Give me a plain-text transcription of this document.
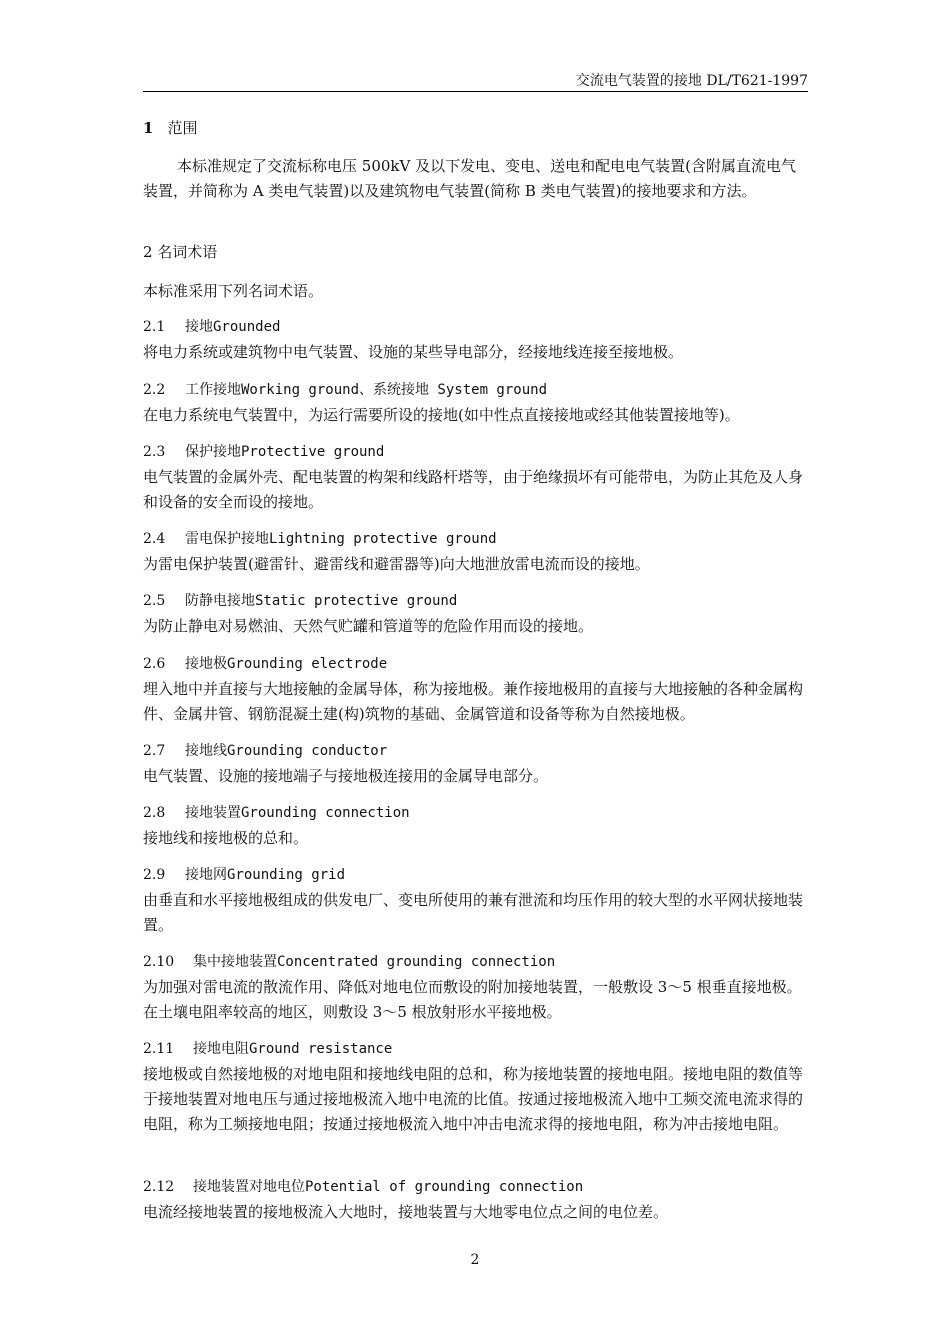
交流电气装置的接地 DL/T621-1997
1 范围
本标准规定了交流标称电压 500kV 及以下发电、变电、送电和配电电气装置(含附属直流电气装置，并简称为 A 类电气装置)以及建筑物电气装置(简称 B 类电气装置)的接地要求和方法。
2 名词术语
本标准采用下列名词术语。
2.1 接地Grounded
将电力系统或建筑物中电气装置、设施的某些导电部分，经接地线连接至接地极。
2.2 工作接地Working ground、系统接地 System ground
在电力系统电气装置中，为运行需要所设的接地(如中性点直接接地或经其他装置接地等)。
2.3 保护接地Protective ground
电气装置的金属外壳、配电装置的构架和线路杆塔等，由于绝缘损坏有可能带电，为防止其危及人身和设备的安全而设的接地。
2.4 雷电保护接地Lightning protective ground
为雷电保护装置(避雷针、避雷线和避雷器等)向大地泄放雷电流而设的接地。
2.5 防静电接地Static protective ground
为防止静电对易燃油、天然气贮罐和管道等的危险作用而设的接地。
2.6 接地极Grounding electrode
埋入地中并直接与大地接触的金属导体，称为接地极。兼作接地极用的直接与大地接触的各种金属构件、金属井管、钢筋混凝土建(构)筑物的基础、金属管道和设备等称为自然接地极。
2.7 接地线Grounding conductor
电气装置、设施的接地端子与接地极连接用的金属导电部分。
2.8 接地装置Grounding connection
接地线和接地极的总和。
2.9 接地网Grounding grid
由垂直和水平接地极组成的供发电厂、变电所使用的兼有泄流和均压作用的较大型的水平网状接地装置。
2.10 集中接地装置Concentrated grounding connection
为加强对雷电流的散流作用、降低对地电位而敷设的附加接地装置，一般敷设 3～5 根垂直接地极。在土壤电阻率较高的地区，则敷设 3～5 根放射形水平接地极。
2.11 接地电阻Ground resistance
接地极或自然接地极的对地电阻和接地线电阻的总和，称为接地装置的接地电阻。接地电阻的数值等于接地装置对地电压与通过接地极流入地中电流的比值。按通过接地极流入地中工频交流电流求得的电阻，称为工频接地电阻；按通过接地极流入地中冲击电流求得的接地电阻，称为冲击接地电阻。
2.12 接地装置对地电位Potential of grounding connection
电流经接地装置的接地极流入大地时，接地装置与大地零电位点之间的电位差。
2
